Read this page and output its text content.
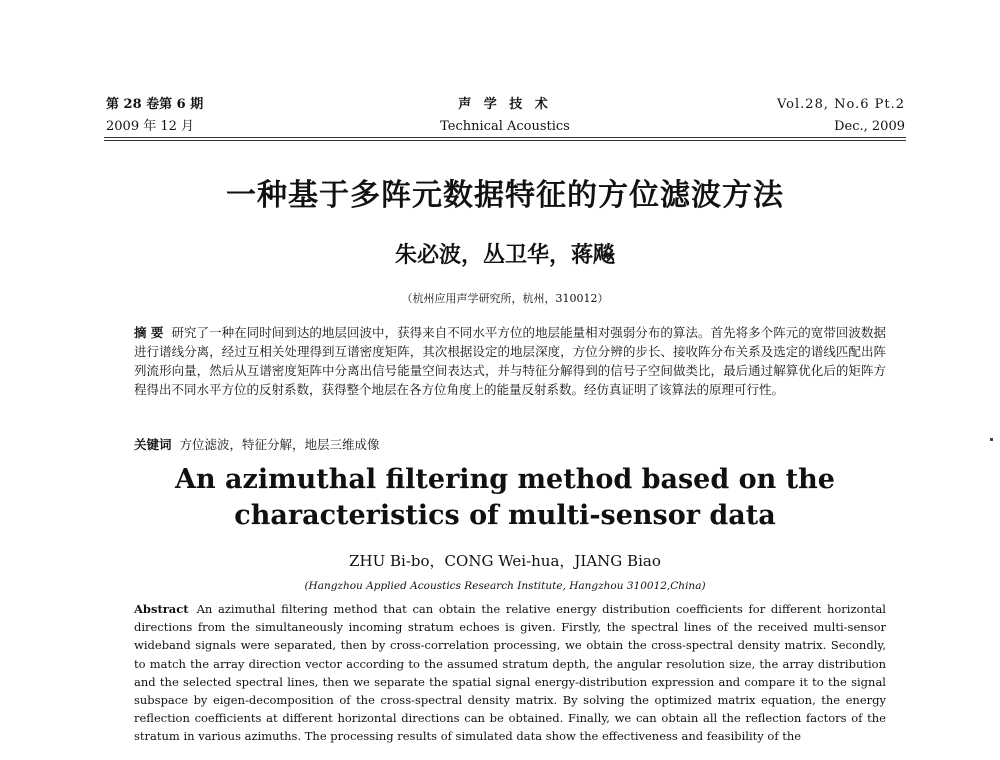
第 28 卷第 6 期
2009 年 12 月
声 学 技 术
Technical Acoustics
Vol.28, No.6 Pt.2
Dec., 2009
一种基于多阵元数据特征的方位滤波方法
朱必波，丛卫华，蒋飚
（杭州应用声学研究所，杭州，310012）
摘 要 研究了一种在同时间到达的地层回波中，获得来自不同水平方位的地层能量相对强弱分布的算法。首先将多个阵元的宽带回波数据进行谱线分离，经过互相关处理得到互谱密度矩阵，其次根据设定的地层深度，方位分辨的步长、接收阵分布关系及选定的谱线匹配出阵列流形向量，然后从互谱密度矩阵中分离出信号能量空间表达式，并与特征分解得到的信号子空间做类比，最后通过解算优化后的矩阵方程得出不同水平方位的反射系数，获得整个地层在各方位角度上的能量反射系数。经仿真证明了该算法的原理可行性。
关键词 方位滤波，特征分解，地层三维成像
An azimuthal filtering method based on the characteristics of multi-sensor data
ZHU Bi-bo，CONG Wei-hua，JIANG Biao
(Hangzhou Applied Acoustics Research Institute, Hangzhou 310012,China)
Abstract An azimuthal filtering method that can obtain the relative energy distribution coefficients for different horizontal directions from the simultaneously incoming stratum echoes is given. Firstly, the spectral lines of the received multi-sensor wideband signals were separated, then by cross-correlation processing, we obtain the cross-spectral density matrix. Secondly, to match the array direction vector according to the assumed stratum depth, the angular resolution size, the array distribution and the selected spectral lines, then we separate the spatial signal energy-distribution expression and compare it to the signal subspace by eigen-decomposition of the cross-spectral density matrix. By solving the optimized matrix equation, the energy reflection coefficients at different horizontal directions can be obtained. Finally, we can obtain all the reflection factors of the stratum in various azimuths. The processing results of simulated data show the effectiveness and feasibility of the
